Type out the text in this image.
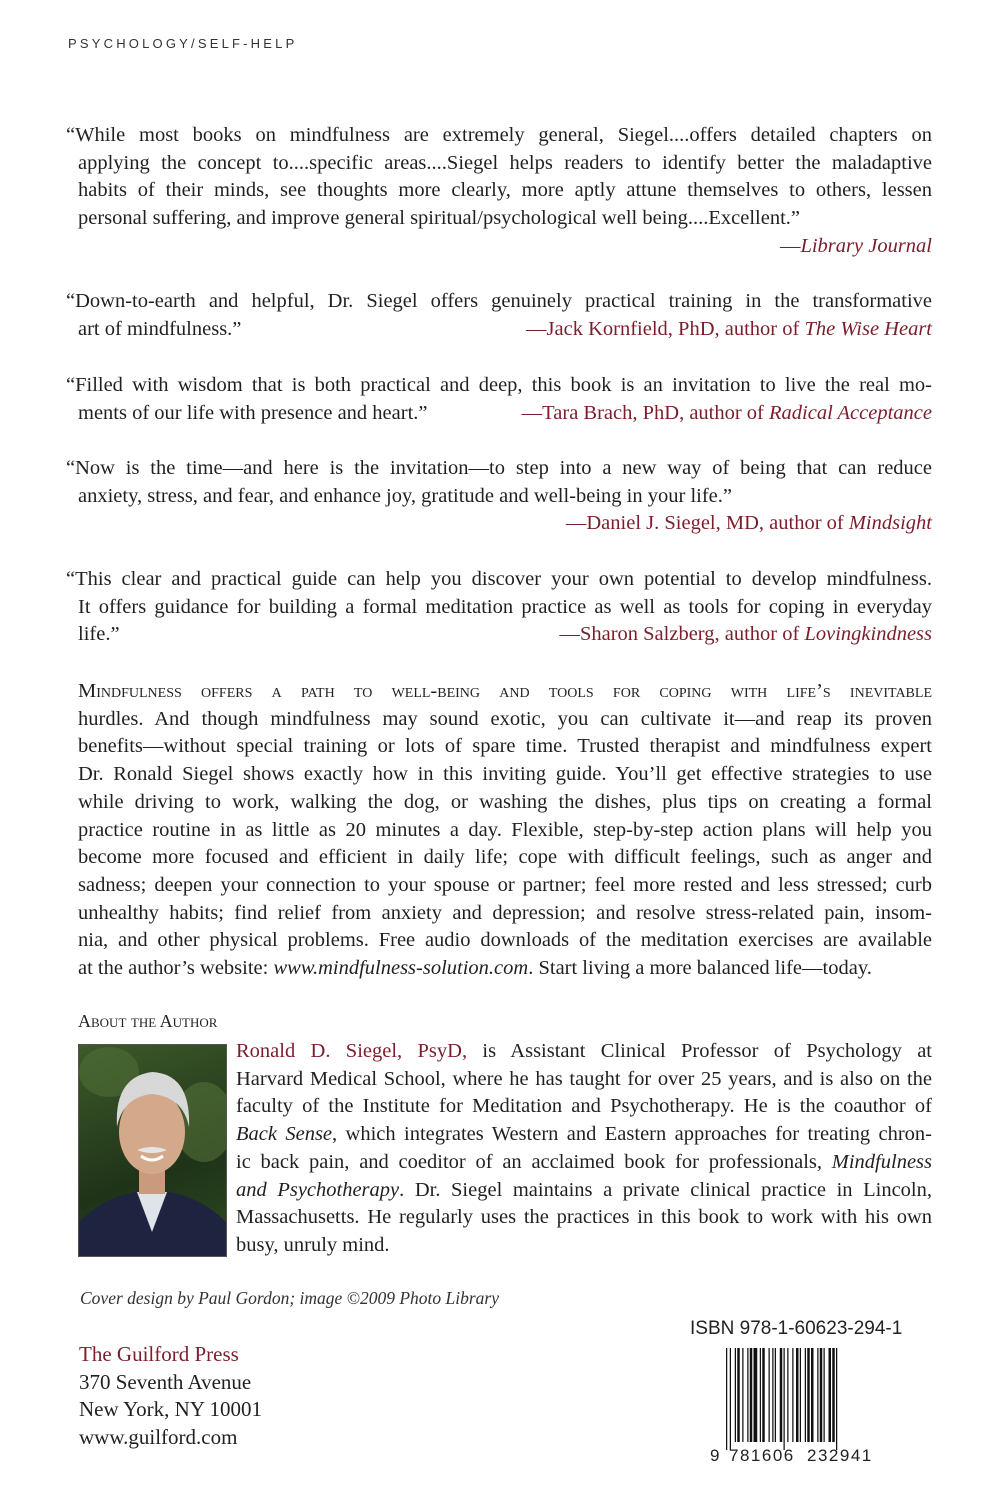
PSYCHOLOGY/SELF-HELP
“While most books on mindfulness are extremely general, Siegel....offers detailed chapters on
applying the concept to....specific areas....Siegel helps readers to identify better the maladaptive
habits of their minds, see thoughts more clearly, more aptly attune themselves to others, lessen
personal suffering, and improve general spiritual/psychological well being....Excellent.”
—Library Journal
“Down-to-earth and helpful, Dr. Siegel offers genuinely practical training in the transformative
art of mindfulness.”	—Jack Kornfield, PhD, author of The Wise Heart
“Filled with wisdom that is both practical and deep, this book is an invitation to live the real mo-
ments of our life with presence and heart.”	—Tara Brach, PhD, author of Radical Acceptance
“Now is the time—and here is the invitation—to step into a new way of being that can reduce
anxiety, stress, and fear, and enhance joy, gratitude and well-being in your life.”
—Daniel J. Siegel, MD, author of Mindsight
“This clear and practical guide can help you discover your own potential to develop mindfulness.
It offers guidance for building a formal meditation practice as well as tools for coping in everyday
life.”	—Sharon Salzberg, author of Lovingkindness
Mindfulness offers a path to well-being and tools for coping with life’s inevitable
hurdles. And though mindfulness may sound exotic, you can cultivate it—and reap its proven
benefits—without special training or lots of spare time. Trusted therapist and mindfulness expert
Dr. Ronald Siegel shows exactly how in this inviting guide. You’ll get effective strategies to use
while driving to work, walking the dog, or washing the dishes, plus tips on creating a formal
practice routine in as little as 20 minutes a day. Flexible, step-by-step action plans will help you
become more focused and efficient in daily life; cope with difficult feelings, such as anger and
sadness; deepen your connection to your spouse or partner; feel more rested and less stressed; curb
unhealthy habits; find relief from anxiety and depression; and resolve stress-related pain, insom-
nia, and other physical problems. Free audio downloads of the meditation exercises are available
at the author’s website: www.mindfulness-solution.com. Start living a more balanced life—today.
About the Author
Ronald D. Siegel, PsyD, is Assistant Clinical Professor of Psychology at
Harvard Medical School, where he has taught for over 25 years, and is also on the
faculty of the Institute for Meditation and Psychotherapy. He is the coauthor of
Back Sense, which integrates Western and Eastern approaches for treating chron-
ic back pain, and coeditor of an acclaimed book for professionals, Mindfulness
and Psychotherapy. Dr. Siegel maintains a private clinical practice in Lincoln,
Massachusetts. He regularly uses the practices in this book to work with his own
busy, unruly mind.
Cover design by Paul Gordon; image ©2009 Photo Library
The Guilford Press
370 Seventh Avenue
New York, NY 10001
www.guilford.com
ISBN 978-1-60623-294-1
9 781606 232941
